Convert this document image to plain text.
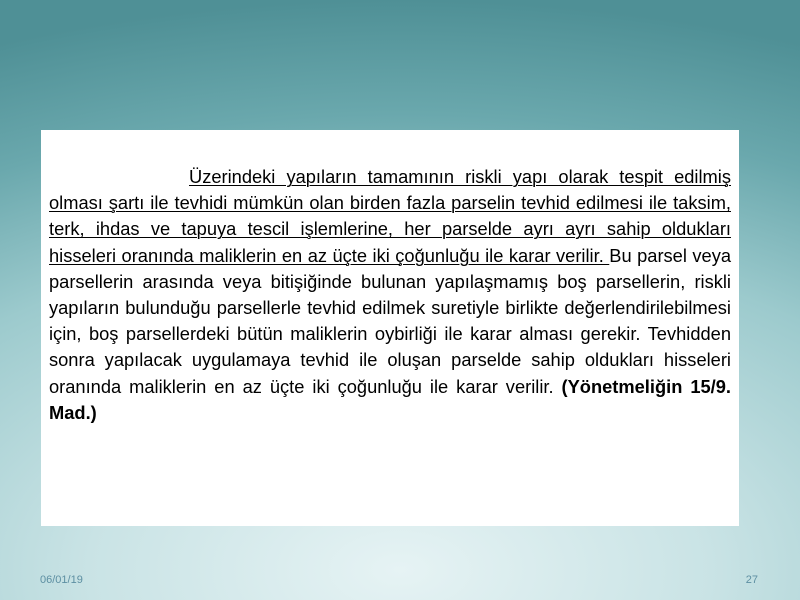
Üzerindeki yapıların tamamının riskli yapı olarak tespit edilmiş olması şartı ile tevhidi mümkün olan birden fazla parselin tevhid edilmesi ile taksim, terk, ihdas ve tapuya tescil işlemlerine, her parselde ayrı ayrı sahip oldukları hisseleri oranında maliklerin en az üçte iki çoğunluğu ile karar verilir. Bu parsel veya parsellerin arasında veya bitişiğinde bulunan yapılaşmamış boş parsellerin, riskli yapıların bulunduğu parsellerle tevhid edilmek suretiyle birlikte değerlendirilebilmesi için, boş parsellerdeki bütün maliklerin oybirliği ile karar alması gerekir. Tevhidden sonra yapılacak uygulamaya tevhid ile oluşan parselde sahip oldukları hisseleri oranında maliklerin en az üçte iki çoğunluğu ile karar verilir. (Yönetmeliğin 15/9. Mad.)

06/01/19	27
